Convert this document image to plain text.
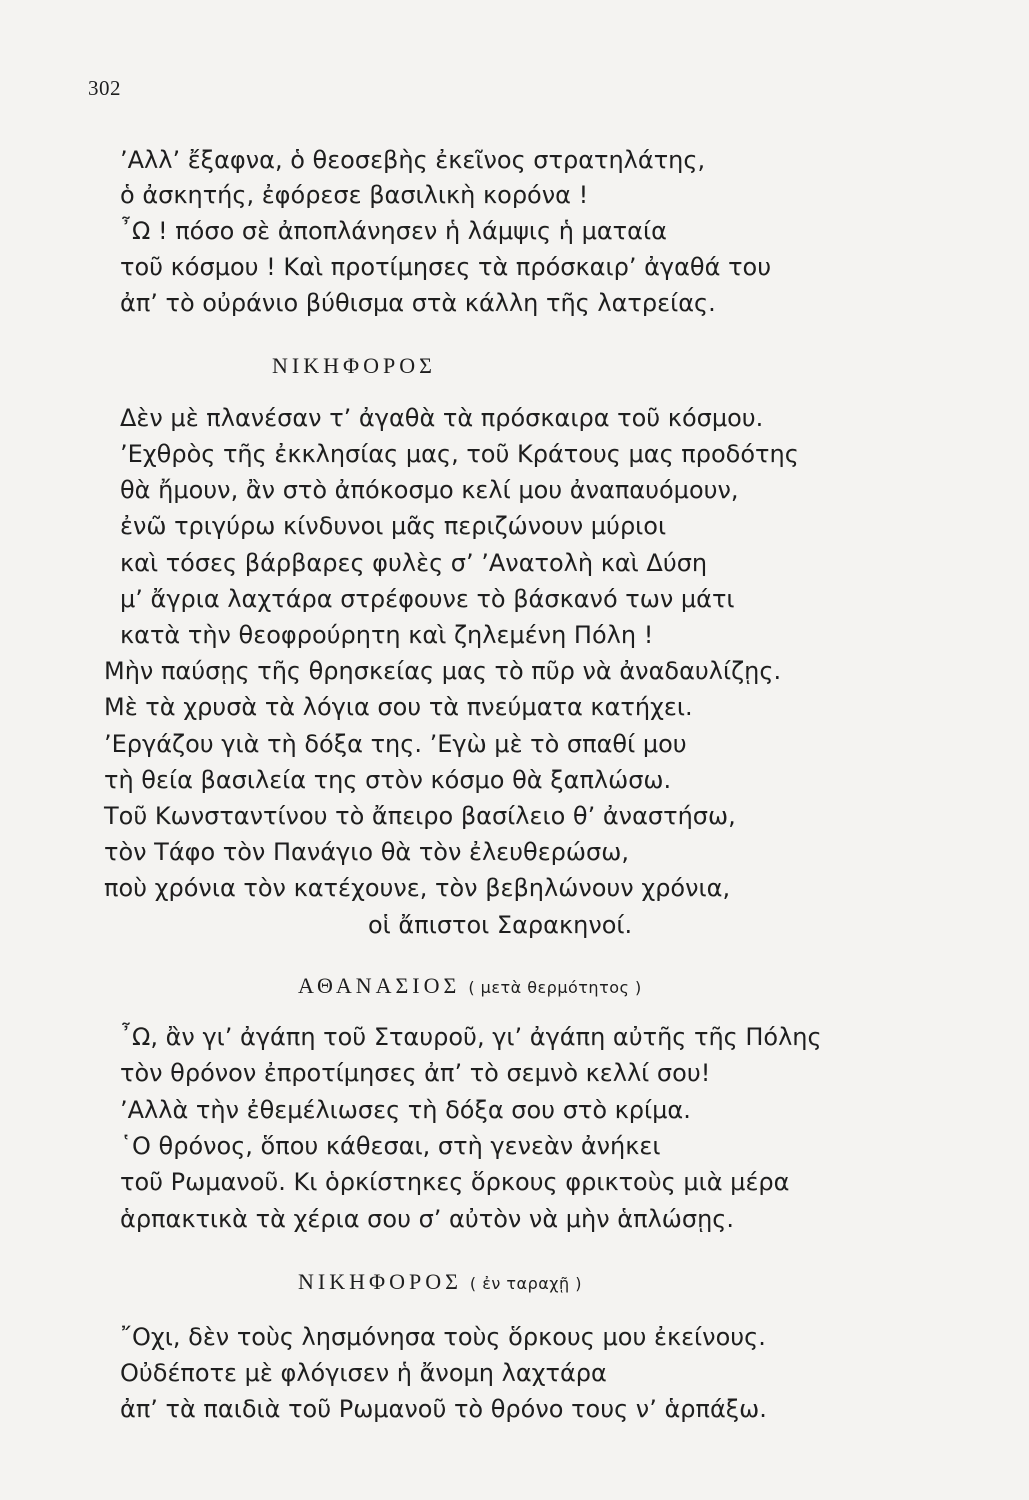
302
’Αλλ’ ἔξαφνα, ὁ θεοσεβὴς ἐκεῖνος στρατηλάτης,
ὁ ἀσκητής, ἐφόρεσε βασιλικὴ κορόνα !
῏Ω ! πόσο σὲ ἀποπλάνησεν ἡ λάμψις ἡ ματαία
τοῦ κόσμου ! Καὶ προτίμησες τὰ πρόσκαιρ’ ἀγαθά του
ἀπ’ τὸ οὐράνιο βύθισμα στὰ κάλλη τῆς λατρείας.
ΝΙΚΗΦΟΡΟΣ
Δὲν μὲ πλανέσαν τ’ ἀγαθὰ τὰ πρόσκαιρα τοῦ κόσμου.
’Εχθρὸς τῆς ἐκκλησίας μας, τοῦ Κράτους μας προδότης
θὰ ἤμουν, ἂν στὸ ἀπόκοσμο κελί μου ἀναπαυόμουν,
ἐνῶ τριγύρω κίνδυνοι μᾶς περιζώνουν μύριοι
καὶ τόσες βάρβαρες φυλὲς σ’ ’Ανατολὴ καὶ Δύση
μ’ ἄγρια λαχτάρα στρέφουνε τὸ βάσκανό των μάτι
κατὰ τὴν θεοφρούρητη καὶ ζηλεμένη Πόλη !
Μὴν παύσῃς τῆς θρησκείας μας τὸ πῦρ νὰ ἀναδαυλίζῃς.
Μὲ τὰ χρυσὰ τὰ λόγια σου τὰ πνεύματα κατήχει.
’Εργάζου γιὰ τὴ δόξα της. ’Εγὼ μὲ τὸ σπαθί μου
τὴ θεία βασιλεία της στὸν κόσμο θὰ ξαπλώσω.
Τοῦ Κωνσταντίνου τὸ ἄπειρο βασίλειο θ’ ἀναστήσω,
τὸν Τάφο τὸν Πανάγιο θὰ τὸν ἐλευθερώσω,
ποὺ χρόνια τὸν κατέχουνε, τὸν βεβηλώνουν χρόνια,
οἱ ἄπιστοι Σαρακηνοί.
ΑΘΑΝΑΣΙΟΣ ( μετὰ θερμότητος )
῏Ω, ἂν γι’ ἀγάπη τοῦ Σταυροῦ, γι’ ἀγάπη αὐτῆς τῆς Πόλης
τὸν θρόνον ἐπροτίμησες ἀπ’ τὸ σεμνὸ κελλί σου!
’Αλλὰ τὴν ἐθεμέλιωσες τὴ δόξα σου στὸ κρίμα.
῾Ο θρόνος, ὅπου κάθεσαι, στὴ γενεὰν ἀνήκει
τοῦ Ρωμανοῦ. Κι ὁρκίστηκες ὅρκους φρικτοὺς μιὰ μέρα
ἁρπακτικὰ τὰ χέρια σου σ’ αὐτὸν νὰ μὴν ἁπλώσῃς.
ΝΙΚΗΦΟΡΟΣ ( ἐν ταραχῇ )
῎Οχι, δὲν τοὺς λησμόνησα τοὺς ὅρκους μου ἐκείνους.
Οὐδέποτε μὲ φλόγισεν ἡ ἄνομη λαχτάρα
ἀπ’ τὰ παιδιὰ τοῦ Ρωμανοῦ τὸ θρόνο τους ν’ ἁρπάξω.
